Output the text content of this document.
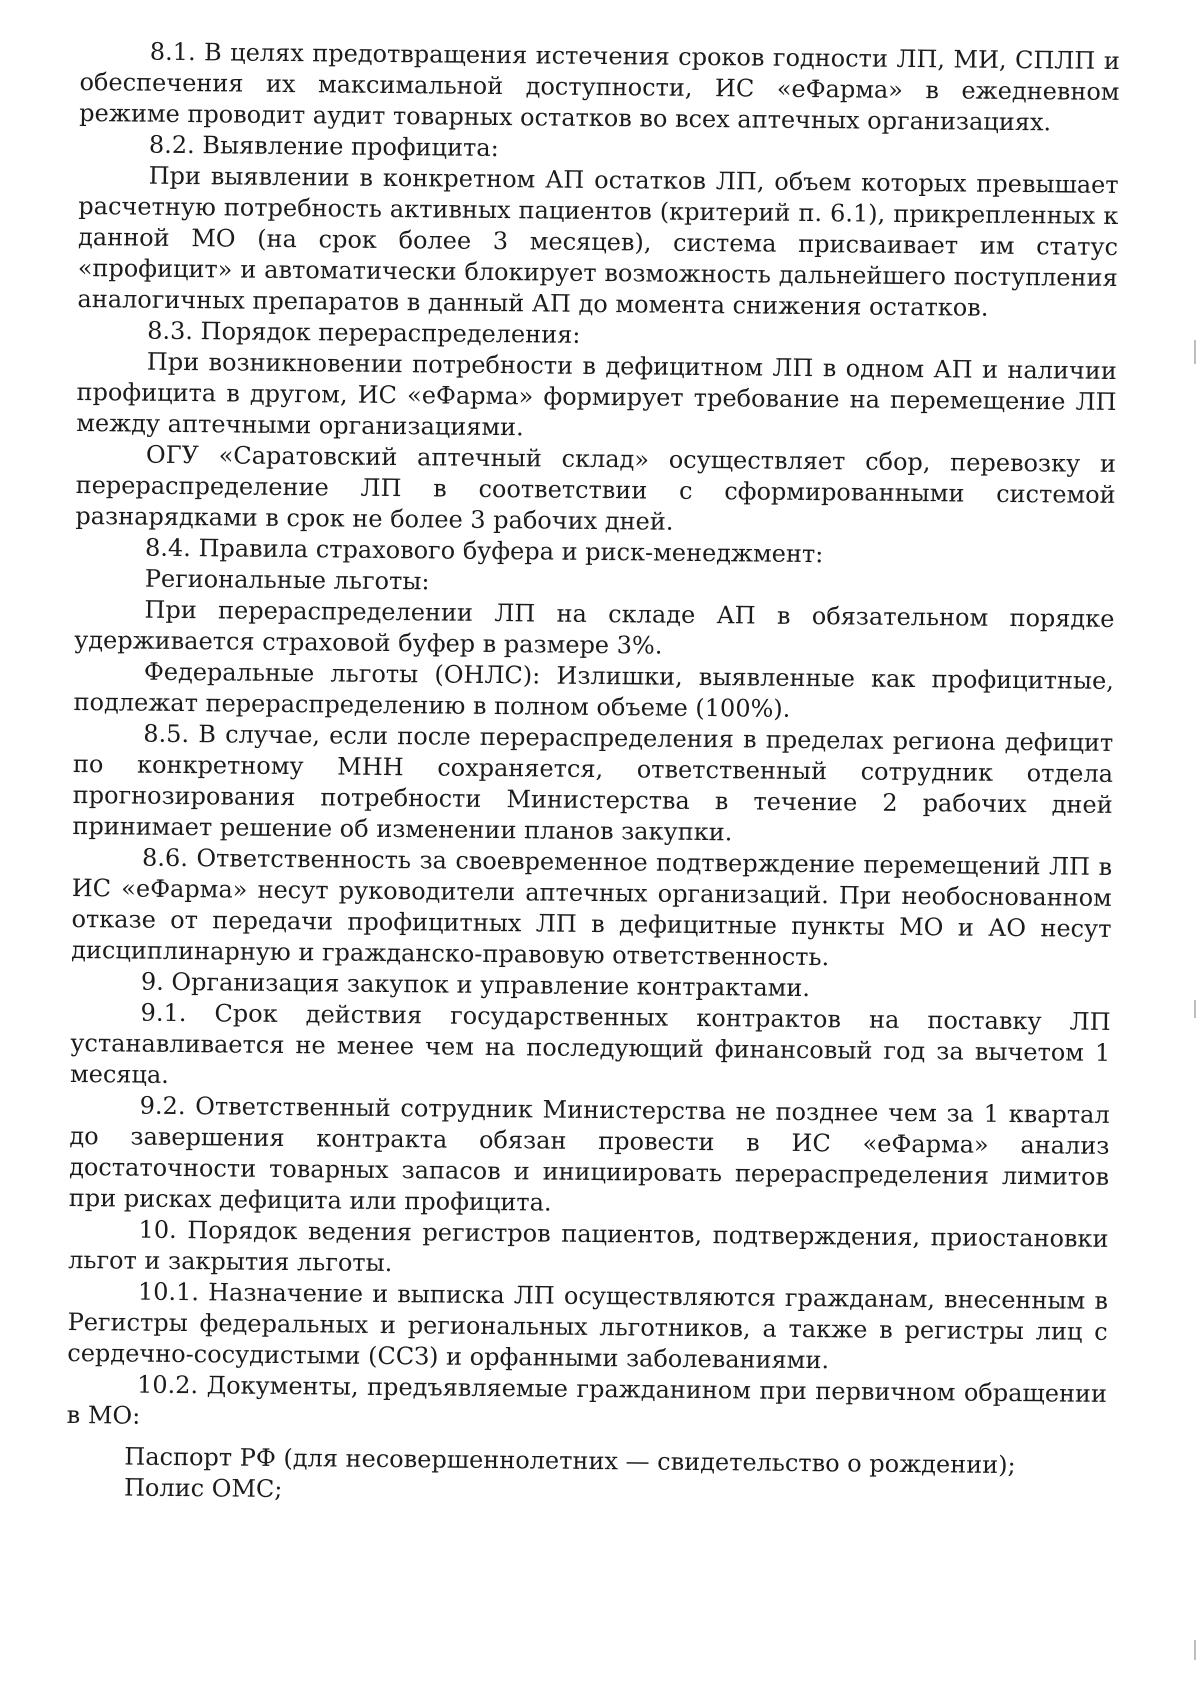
8.1. В целях предотвращения истечения сроков годности ЛП, МИ, СПЛП и обеспечения их максимальной доступности, ИС «еФарма» в ежедневном режиме проводит аудит товарных остатков во всех аптечных организациях.

8.2. Выявление профицита:

При выявлении в конкретном АП остатков ЛП, объем которых превышает расчетную потребность активных пациентов (критерий п. 6.1), прикрепленных к данной МО (на срок более 3 месяцев), система присваивает им статус «профицит» и автоматически блокирует возможность дальнейшего поступления аналогичных препаратов в данный АП до момента снижения остатков.

8.3. Порядок перераспределения:

При возникновении потребности в дефицитном ЛП в одном АП и наличии профицита в другом, ИС «еФарма» формирует требование на перемещение ЛП между аптечными организациями.

ОГУ «Саратовский аптечный склад» осуществляет сбор, перевозку и перераспределение ЛП в соответствии с сформированными системой разнарядками в срок не более 3 рабочих дней.

8.4. Правила страхового буфера и риск-менеджмент:

Региональные льготы:

При перераспределении ЛП на складе АП в обязательном порядке удерживается страховой буфер в размере 3%.

Федеральные льготы (ОНЛС): Излишки, выявленные как профицитные, подлежат перераспределению в полном объеме (100%).

8.5. В случае, если после перераспределения в пределах региона дефицит по конкретному МНН сохраняется, ответственный сотрудник отдела прогнозирования потребности Министерства в течение 2 рабочих дней принимает решение об изменении планов закупки.

8.6. Ответственность за своевременное подтверждение перемещений ЛП в ИС «еФарма» несут руководители аптечных организаций. При необоснованном отказе от передачи профицитных ЛП в дефицитные пункты МО и АО несут дисциплинарную и гражданско-правовую ответственность.

9. Организация закупок и управление контрактами.

9.1. Срок действия государственных контрактов на поставку ЛП устанавливается не менее чем на последующий финансовый год за вычетом 1 месяца.

9.2. Ответственный сотрудник Министерства не позднее чем за 1 квартал до завершения контракта обязан провести в ИС «еФарма» анализ достаточности товарных запасов и инициировать перераспределения лимитов при рисках дефицита или профицита.

10. Порядок ведения регистров пациентов, подтверждения, приостановки льгот и закрытия льготы.

10.1. Назначение и выписка ЛП осуществляются гражданам, внесенным в Регистры федеральных и региональных льготников, а также в регистры лиц с сердечно-сосудистыми (ССЗ) и орфанными заболеваниями.

10.2. Документы, предъявляемые гражданином при первичном обращении в МО:

Паспорт РФ (для несовершеннолетних — свидетельство о рождении);

Полис ОМС;
